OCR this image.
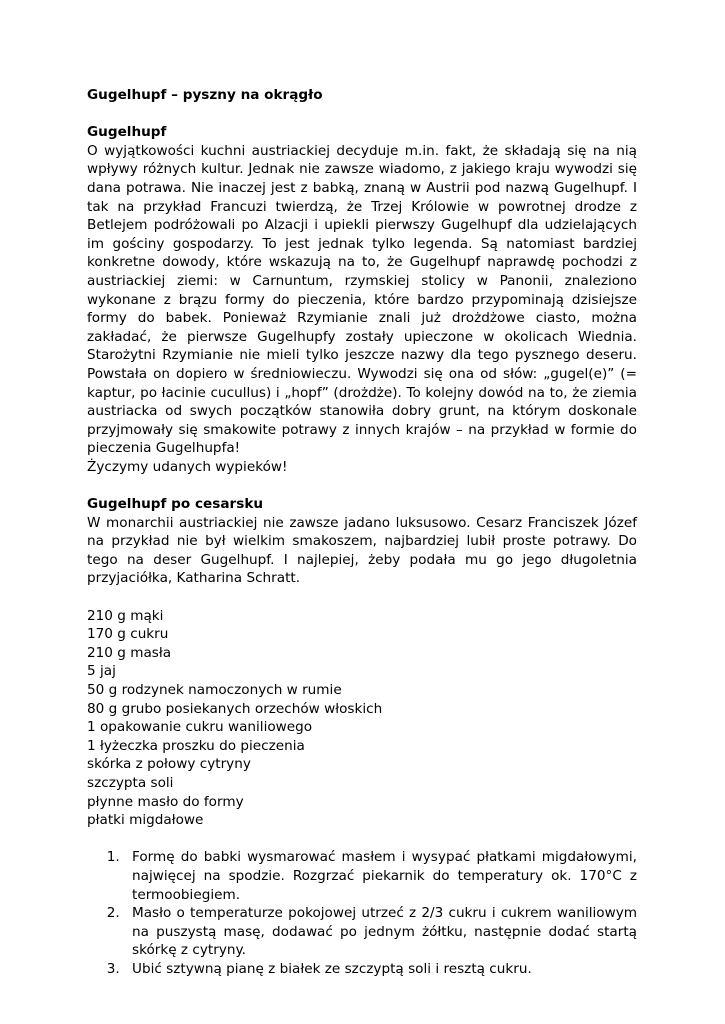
Gugelhupf – pyszny na okrągło
Gugelhupf

O wyjątkowości kuchni austriackiej decyduje m.in. fakt, że składają się na nią wpływy różnych kultur. Jednak nie zawsze wiadomo, z jakiego kraju wywodzi się dana potrawa. Nie inaczej jest z babką, znaną w Austrii pod nazwą Gugelhupf. I tak na przykład Francuzi twierdzą, że Trzej Królowie w powrotnej drodze z Betlejem podróżowali po Alzacji i upiekli pierwszy Gugelhupf dla udzielających im gościny gospodarzy. To jest jednak tylko legenda. Są natomiast bardziej konkretne dowody, które wskazują na to, że Gugelhupf naprawdę pochodzi z austriackiej ziemi: w Carnuntum, rzymskiej stolicy w Panonii, znaleziono wykonane z brązu formy do pieczenia, które bardzo przypominają dzisiejsze formy do babek. Ponieważ Rzymianie znali już drożdżowe ciasto, można zakładać, że pierwsze Gugelhupfy zostały upieczone w okolicach Wiednia. Starożytni Rzymianie nie mieli tylko jeszcze nazwy dla tego pysznego deseru. Powstała on dopiero w średniowieczu. Wywodzi się ona od słów: „gugel(e)” (= kaptur, po łacinie cucullus) i „hopf” (drożdże). To kolejny dowód na to, że ziemia austriacka od swych początków stanowiła dobry grunt, na którym doskonale przyjmowały się smakowite potrawy z innych krajów – na przykład w formie do pieczenia Gugelhupfa!

Życzymy udanych wypieków!

Gugelhupf po cesarsku

W monarchii austriackiej nie zawsze jadano luksusowo. Cesarz Franciszek Józef na przykład nie był wielkim smakoszem, najbardziej lubił proste potrawy. Do tego na deser Gugelhupf. I najlepiej, żeby podała mu go jego długoletnia przyjaciółka, Katharina Schratt.

210 g mąki
170 g cukru
210 g masła
5 jaj
50 g rodzynek namoczonych w rumie
80 g grubo posiekanych orzechów włoskich
1 opakowanie cukru waniliowego
1 łyżeczka proszku do pieczenia
skórka z połowy cytryny
szczypta soli
płynne masło do formy
płatki migdałowe
1. Formę do babki wysmarować masłem i wysypać płatkami migdałowymi, najwięcej na spodzie. Rozgrzać piekarnik do temperatury ok. 170°C z termoobiegiem.
2. Masło o temperaturze pokojowej utrzeć z 2/3 cukru i cukrem waniliowym na puszystą masę, dodawać po jednym żółtku, następnie dodać startą skórkę z cytryny.
3. Ubić sztywną pianę z białek ze szczyptą soli i resztą cukru.
